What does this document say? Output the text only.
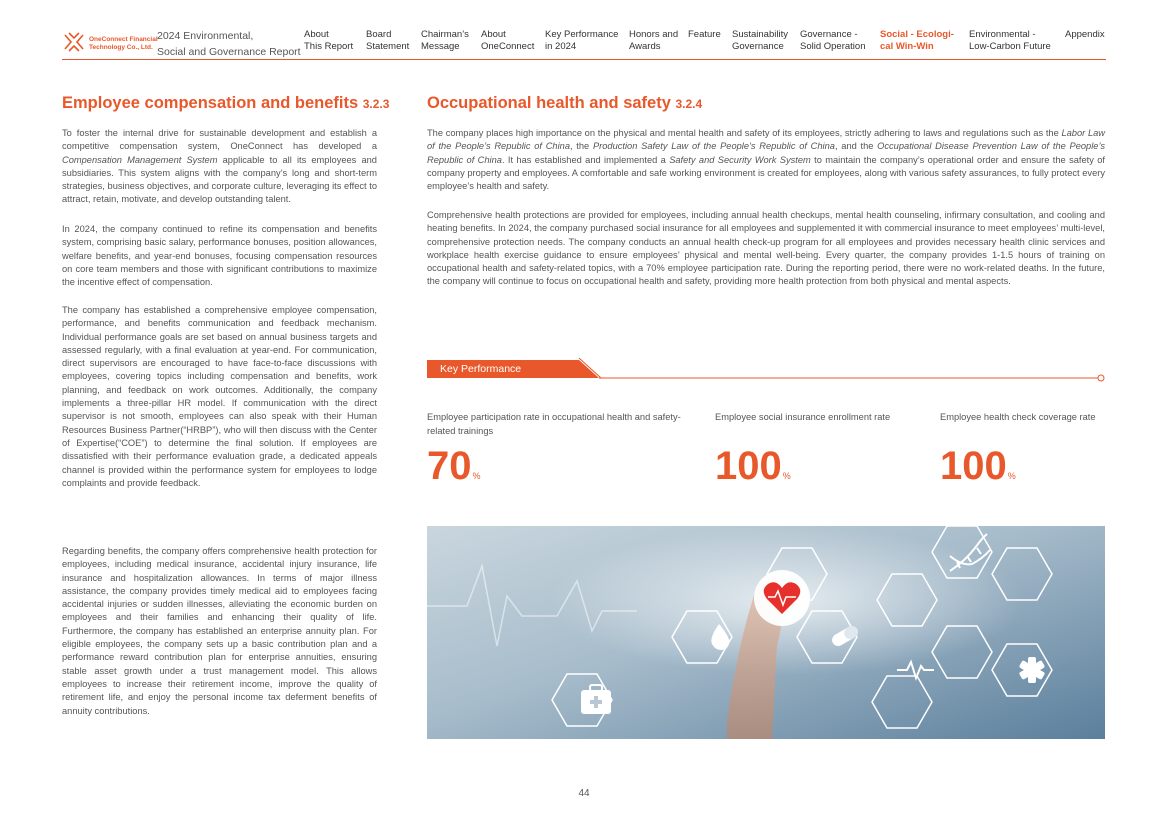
OneConnect Financial
Technology Co., Ltd.
2024 Environmental,
Social and Governance Report
About
This Report
Board
Statement
Chairman’s
Message
About
OneConnect
Key Performance
in 2024
Honors and
Awards
Feature Sustainability
Governance
Governance -
Solid Operation
Social - Ecologi-
cal Win-Win
Environmental -
Low-Carbon Future
Appendix
Employee compensation and benefits 3.2.3

To foster the internal drive for sustainable development and establish a competitive compensation system, OneConnect has developed a Compensation Management System applicable to all its employees and subsidiaries. This system aligns with the company’s long and short-term strategies, business objectives, and corporate culture, leveraging its effect to attract, retain, motivate, and develop outstanding talent.

In 2024, the company continued to refine its compensation and benefits system, comprising basic salary, performance bonuses, position allowances, welfare benefits, and year-end bonuses, focusing compensation resources on core team members and those with significant contributions to maximize the incentive effect of compensation.

The company has established a comprehensive employee compensation, performance, and benefits communication and feedback mechanism. Individual performance goals are set based on annual business targets and assessed regularly, with a final evaluation at year-end. For communication, direct supervisors are encouraged to have face-to-face discussions with employees, covering topics including compensation and benefits, work planning, and feedback on work outcomes. Additionally, the company implements a three-pillar HR model. If communication with the direct supervisor is not smooth, employees can also speak with their Human Resources Business Partner(“HRBP”), who will then discuss with the Center of Expertise(“COE”) to determine the final solution. If employees are dissatisfied with their performance evaluation grade, a dedicated appeals channel is provided within the performance system for employees to lodge complaints and provide feedback.

Regarding benefits, the company offers comprehensive health protection for employees, including medical insurance, accidental injury insurance, life insurance and hospitalization allowances. In terms of major illness assistance, the company provides timely medical aid to employees facing accidental injuries or sudden illnesses, alleviating the economic burden on employees and their families and enhancing their quality of life. Furthermore, the company has established an enterprise annuity plan. For eligible employees, the company sets up a basic contribution plan and a performance reward contribution plan for enterprise annuities, ensuring stable asset growth under a trust management model. This allows employees to increase their retirement income, improve the quality of retirement life, and enjoy the personal income tax deferment benefits of annuity contributions.

Occupational health and safety 3.2.4

The company places high importance on the physical and mental health and safety of its employees, strictly adhering to laws and regulations such as the Labor Law of the People’s Republic of China, the Production Safety Law of the People’s Republic of China, and the Occupational Disease Prevention Law of the People’s Republic of China. It has established and implemented a Safety and Security Work System to maintain the company’s operational order and ensure the safety of company property and employees. A comfortable and safe working environment is created for employees, along with various safety assurances, to fully protect every employee’s health and safety.

Comprehensive health protections are provided for employees, including annual health checkups, mental health counseling, infirmary consultation, and cooling and heating benefits. In 2024, the company purchased social insurance for all employees and supplemented it with commercial insurance to meet employees’ multi-level, comprehensive protection needs. The company conducts an annual health check-up program for all employees and provides necessary health clinic services and workplace health exercise guidance to ensure employees’ physical and mental well-being. Every quarter, the company provides 1-1.5 hours of training on occupational health and safety-related topics, with a 70% employee participation rate. During the reporting period, there were no work-related deaths. In the future, the company will continue to focus on occupational health and safety, providing more health protection from both physical and mental aspects.

Key Performance
Employee participation rate in occupational health and safety-related trainings
70%
Employee social insurance enrollment rate
100%
Employee health check coverage rate
100%
44
